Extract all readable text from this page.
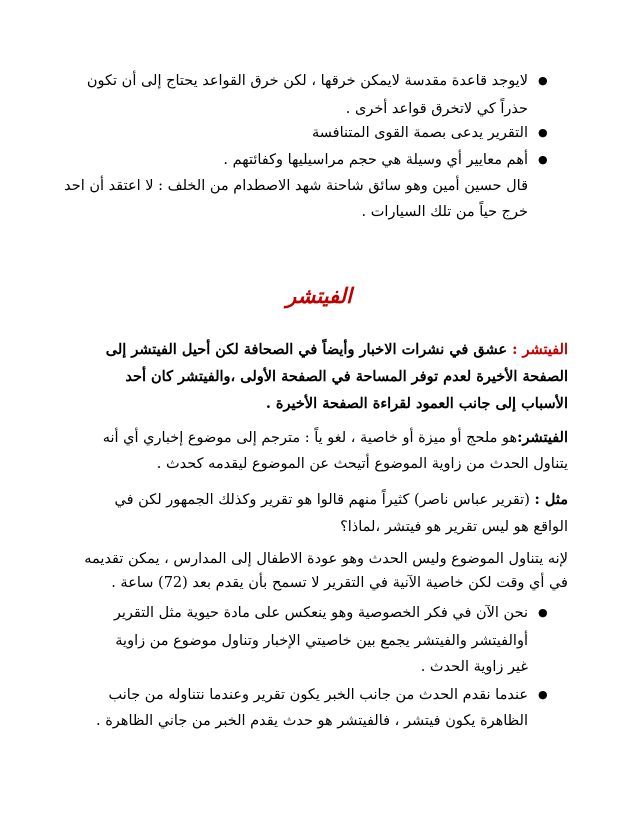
●
لايوجد قاعدة مقدسة لايمكن خرقها ، لكن خرق القواعد يحتاج إلى أن تكون
حذراً كي لاتخرق قواعد أخرى .
●
التقرير يدعى بصمة القوى المتنافسة
●
أهم معايير أي وسيلة هي حجم مراسيليها وكفائتهم .
قال حسين أمين وهو سائق شاحنة شهد الاصطدام من الخلف : لا اعتقد أن احد
خرج حياً من تلك السيارات .
الفيتشر
الفيتشر : عشق في نشرات الاخبار وأيضاً في الصحافة لكن أحيل الفيتشر إلى
الصفحة الأخيرة لعدم توفر المساحة في الصفحة الأولى ،والفيتشر كان أحد
الأسباب إلى جانب العمود لقراءة الصفحة الأخيرة .
الفيتشر:هو ملحج أو ميزة أو خاصية ، لغو ياً : مترجم إلى موضوع إخباري أي أنه
يتناول الحدث من زاوية الموضوع أتيحث عن الموضوع ليقدمه كحدث .
مثل : (تقرير عباس ناصر) كثيراً منهم قالوا هو تقرير وكذلك الجمهور لكن في
الواقع هو ليس تقرير هو فيتشر ،لماذا؟
لإنه يتناول الموضوع وليس الحدث وهو عودة الاطفال إلى المدارس ، يمكن تقديمه
في أي وقت لكن خاصية الآنية في التقرير لا تسمح بأن يقدم بعد (72) ساعة .
●
نحن الآن في فكر الخصوصية وهو ينعكس على مادة حيوية مثل التقرير
أوالفيتشر والفيتشر يجمع بين خاصيتي الإخبار وتناول موضوع من زاوية
غير زاوية الحدث .
●
عندما نقدم الحدث من جانب الخبر يكون تقرير وعندما نتناوله من جانب
الظاهرة يكون فيتشر ، فالفيتشر هو حدث يقدم الخبر من جاني الظاهرة .
